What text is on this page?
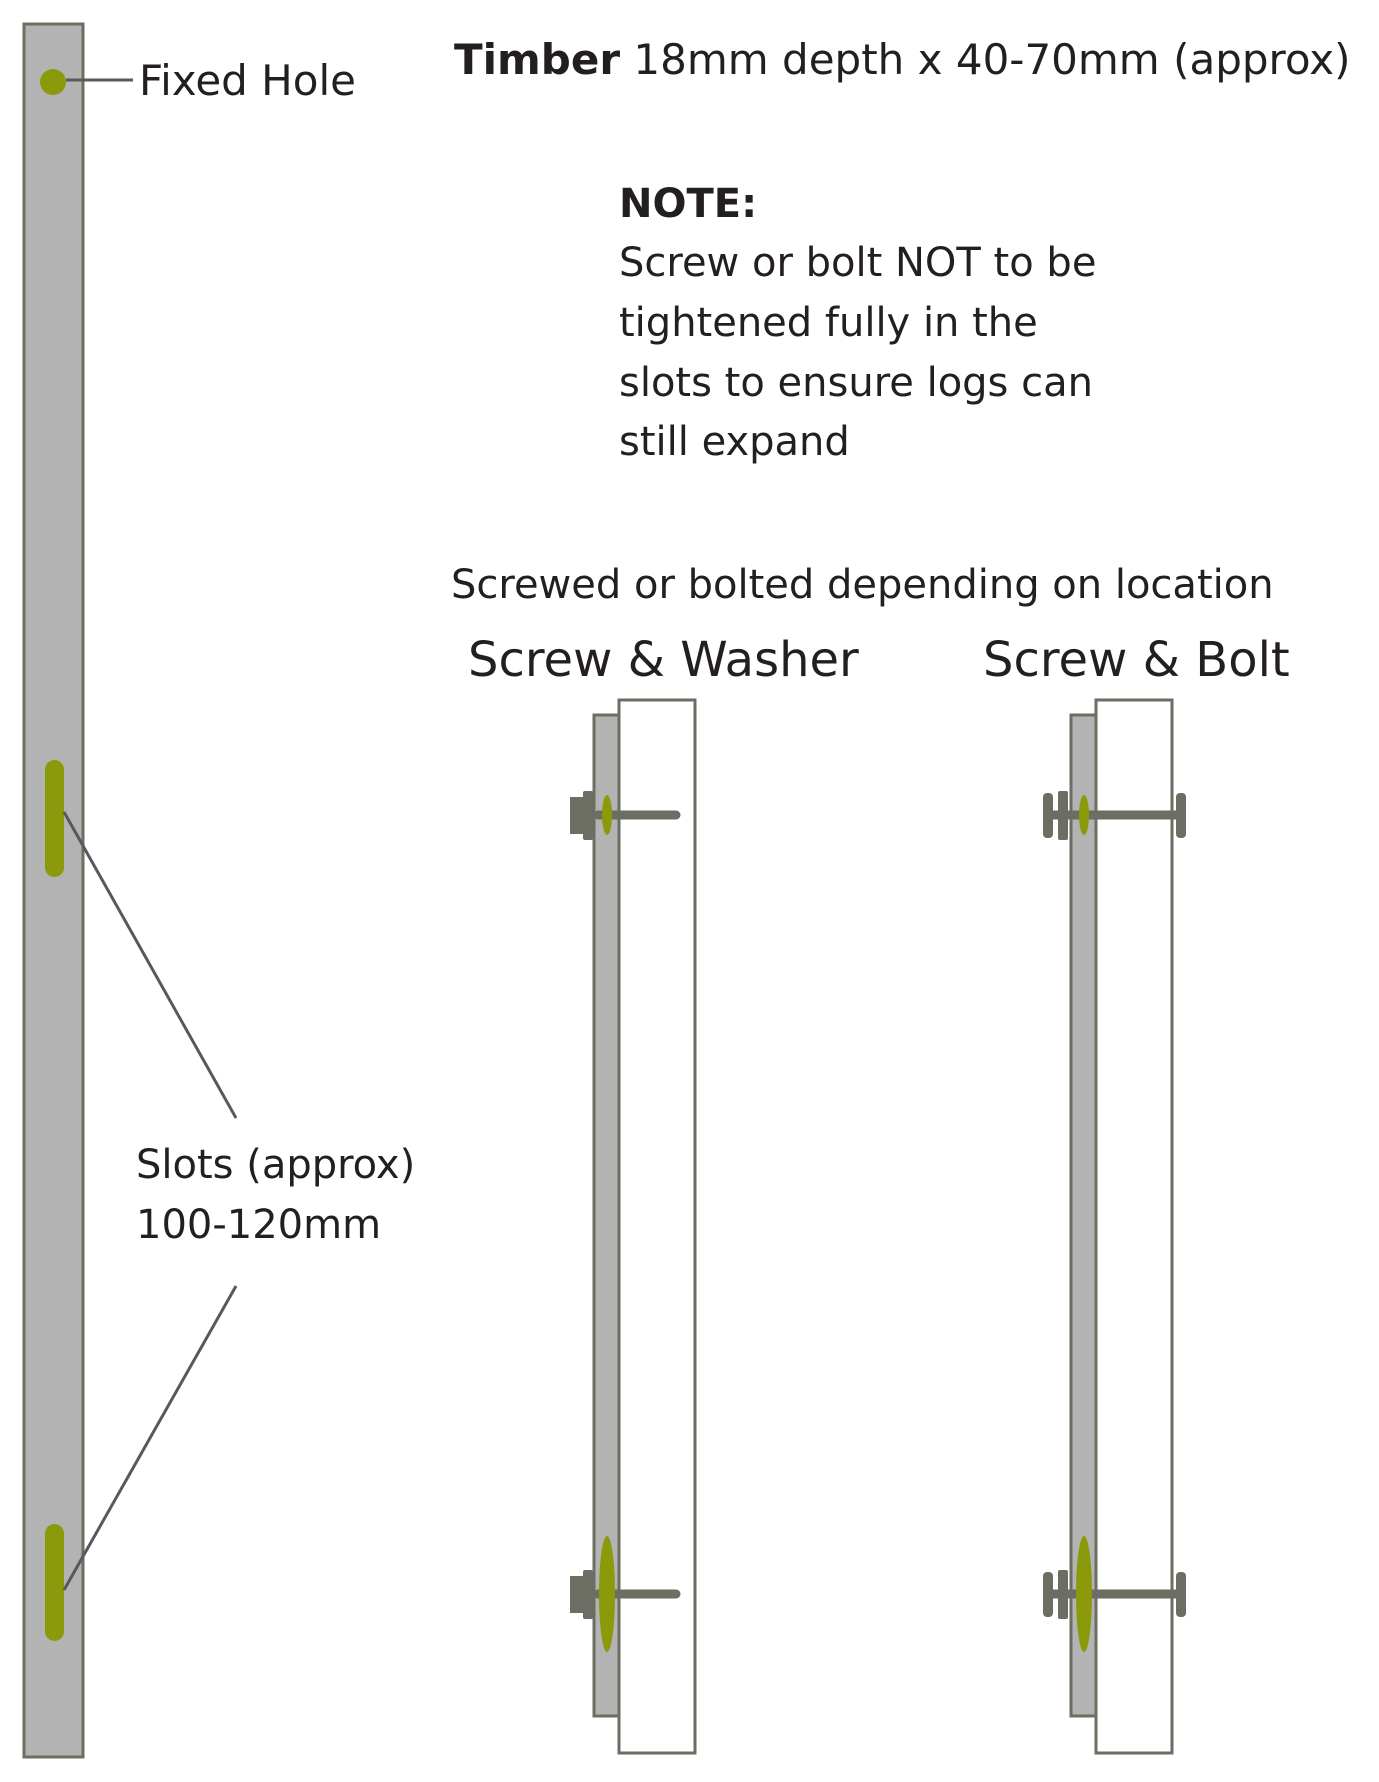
Fixed Hole Timber 18mm depth x 40-70mm (approx)
NOTE:
Screw or bolt NOT to be
tightened fully in the
slots to ensure logs can
still expand
Screwed or bolted depending on location
Screw & Washer	Screw & Bolt
Slots (approx)
100-120mm
